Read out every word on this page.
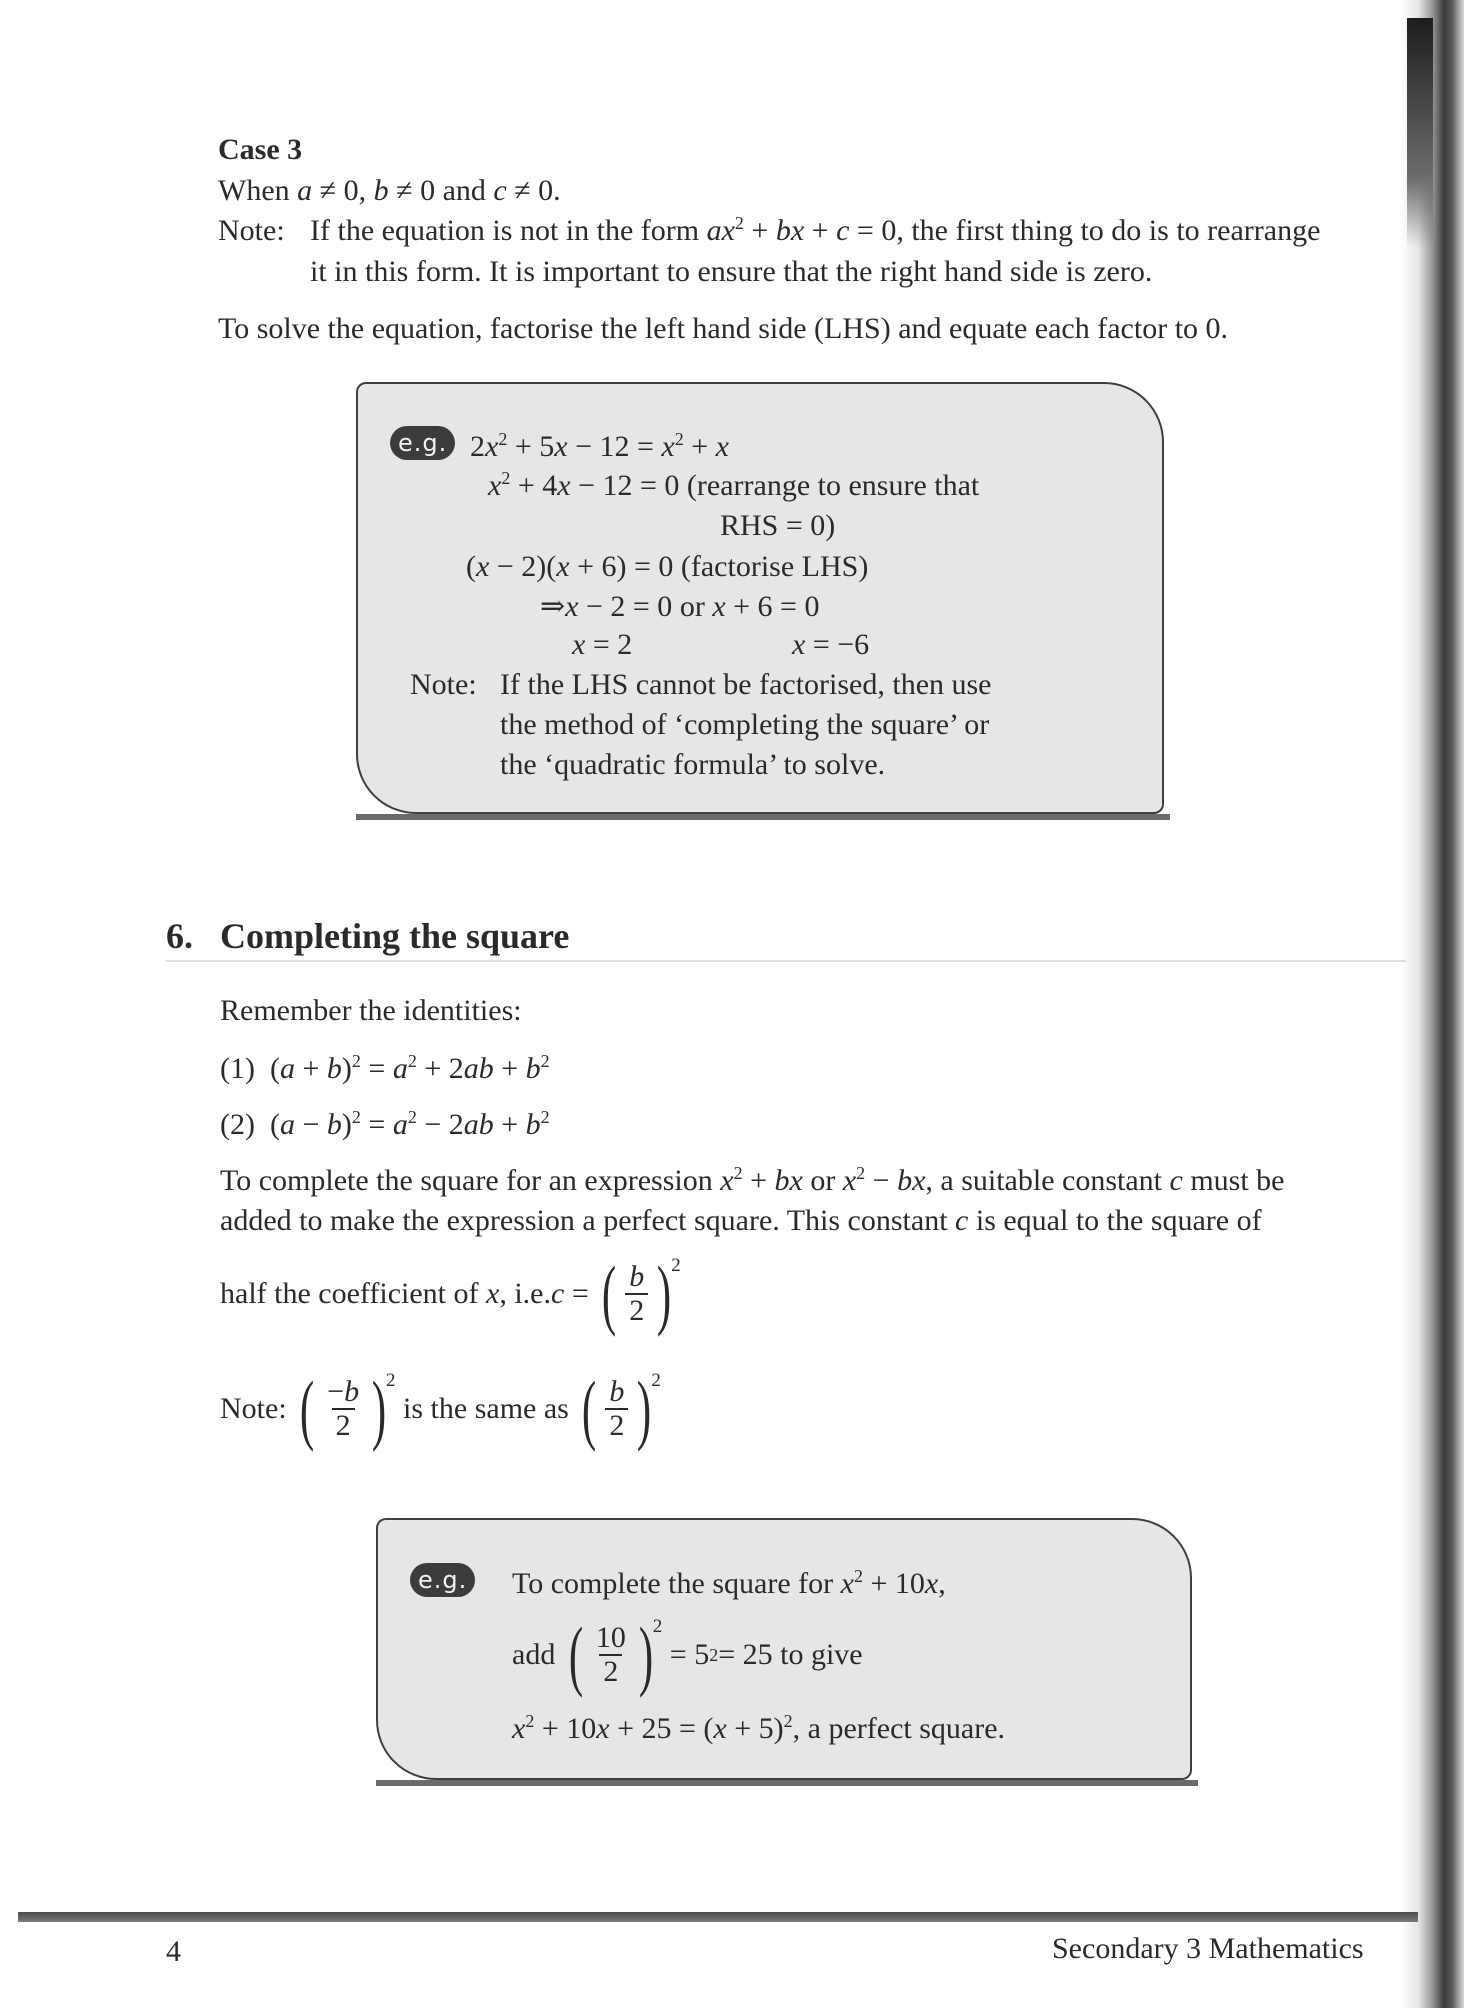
Case 3
When a ≠ 0, b ≠ 0 and c ≠ 0.
Note: If the equation is not in the form $ax^2$ + bx + c = 0, the first thing to do is to rearrange
it in this form. It is important to ensure that the right hand side is zero.
To solve the equation, factorise the left hand side (LHS) and equate each factor to 0.
e.g. $2x^2 + 5x - 12 = x^2 + x$
$x^2 + 4x - 12 = 0$ (rearrange to ensure that
RHS = 0)
(x − 2)(x + 6) = 0 (factorise LHS)
⇒x − 2 = 0 or x + 6 = 0
x = 2	x = −6
Note: If the LHS cannot be factorised, then use
the method of ‘completing the square’ or
the ‘quadratic formula’ to solve.
6. Completing the square
Remember the identities:
(1)  $(a + b)^2 = a^2 + 2ab + b^2$
(2)  $(a - b)^2 = a^2 - 2ab + b^2$
To complete the square for an expression $x^2$ + bx or $x^2$ − bx, a suitable constant c must be
added to make the expression a perfect square. This constant c is equal to the square of
half the coefficient of x , i.e. c = ( $\frac{b}{2}$ ) 2
Note:
( $\frac{-b}{2}$ ) 2

is the same as
( $\frac{b}{2}$ ) 2
e.g. To complete the square for $x^2 + 10x$,
add
( $\frac{10}{2}$ ) 2

= 5 2 = 25 to give
$x^2 + 10x + 25 = (x + 5)^2$, a perfect square.
4	Secondary 3 Mathematics
